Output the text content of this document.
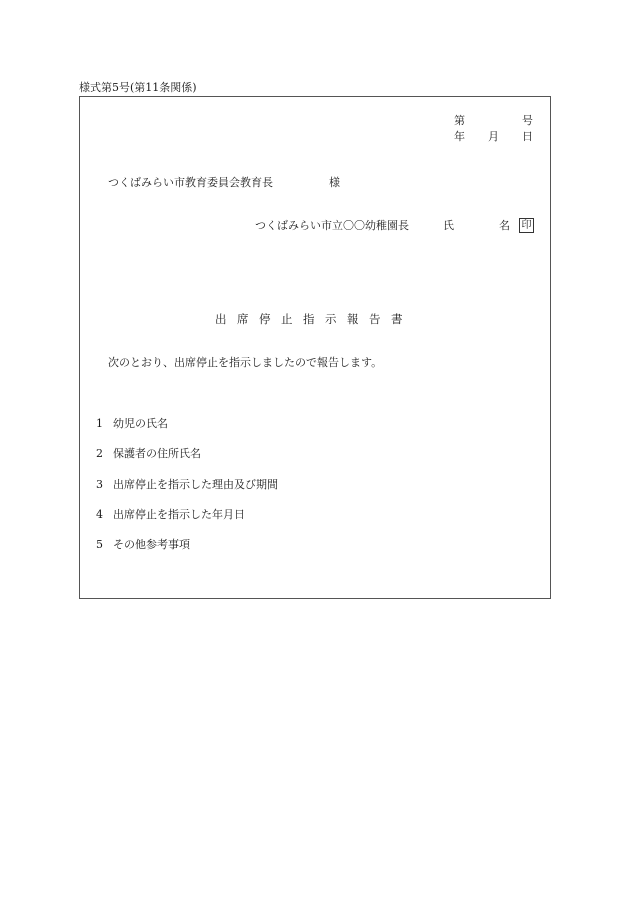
様式第5号(第11条関係)
第	号
年 月 日
つくばみらい市教育委員会教育長	様
つくばみらい市立〇〇幼稚園長	氏	名 印
出席停止指示報告書
次のとおり、出席停止を指示しましたので報告します。
1 幼児の氏名
2 保護者の住所氏名
3 出席停止を指示した理由及び期間
4 出席停止を指示した年月日
5 その他参考事項
